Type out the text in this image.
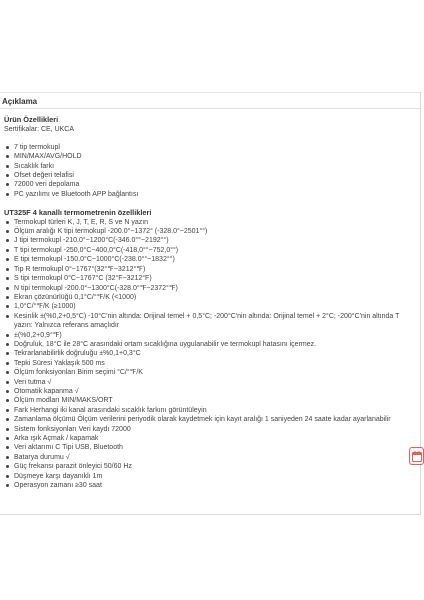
Açıklama
Ürün Özellikleri
Sertifikalar: CE, UKCA
7 tip termokupl
MIN/MAX/AVG/HOLD
Sıcaklık farkı
Ofset değeri telafisi
72000 veri depolama
PC yazılımı ve Bluetooth APP bağlantısı
UT325F 4 kanallı termometrenin özellikleri
Termokupl türleri K, J, T, E, R, S ve N yazın
Ölçüm aralığı K tipi termokupl -200.0°~1372° (-328.0°~2501°°)
J tipi termokupl -210.0°~1200°C(-346.0°°~2192°°)
T tipi termokupl -250,0°C~400,0°C(-418,0°°~752,0°°)
E tipi termokupl -150.0°C~1000°C(-238.0°°~1832°°)
Tip R termokupl 0°~1767°(32°℉~3212°℉)
S tipi termokupl 0°C~1767°C (32°F~3212°F)
N tipi termokupl -200.0°~1300°C(-328.0°℉~2372°℉)
Ekran çözünürlüğü 0,1°C/°℉/K (<1000)
1,0°C/°℉/K (≥1000)
Kesinlik ±(%0,2+0,5°C) -10°C'nin altında: Orijinal temel + 0,5°C; -200°C'nin altında: Orijinal temel + 2°C; -200°C'nin altında T yazın: Yalnızca referans amaçlıdır
±(%0,2+0,9°℉)
Doğruluk, 18°C ile 28°C arasındaki ortam sıcaklığına uygulanabilir ve termokupl hatasını içermez.
Tekrarlanabilirlik doğruluğu ±%0,1+0,3°C
Tepki Süresi Yaklaşık 500 ms
Ölçüm fonksiyonları Birim seçimi °C/°℉/K
Veri tutma √
Otomatik kapanma √
Ölçüm modları MIN/MAKS/ORT
Fark Herhangi iki kanal arasındaki sıcaklık farkını görüntüleyin
Zamanlama ölçümü Ölçüm verilerini periyodik olarak kaydetmek için kayıt aralığı 1 saniyeden 24 saate kadar ayarlanabilir
Sistem fonksiyonları Veri kaydı 72000
Arka ışık Açmak / kapamak
Veri aktarımı C Tipi USB, Bluetooth
Batarya durumu √
Güç frekansı parazit önleyici 50/60 Hz
Düşmeye karşı dayanıklı 1m
Operasyon zamanı ≥30 saat
